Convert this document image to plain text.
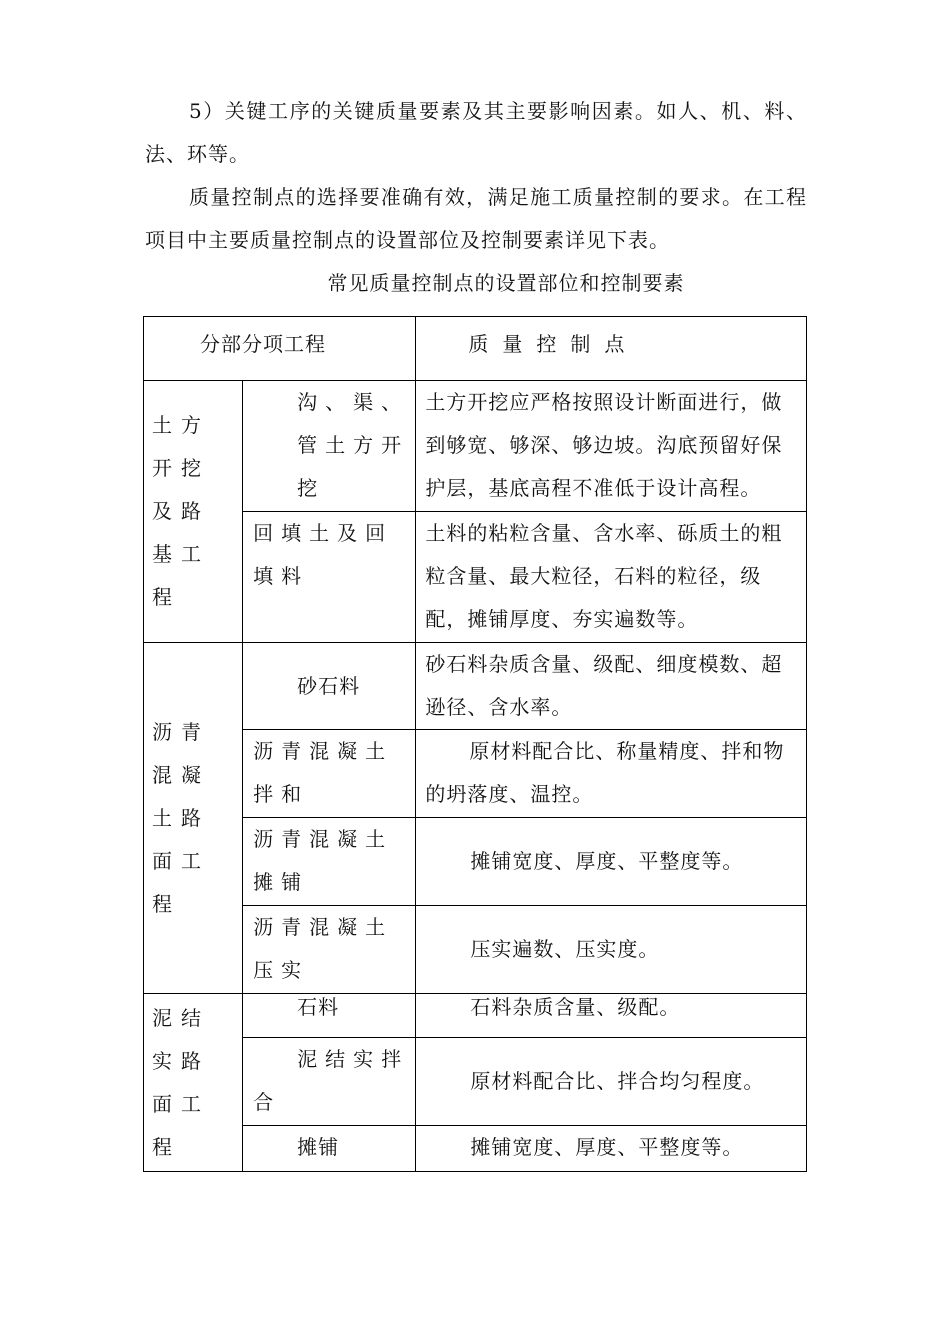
5）关键工序的关键质量要素及其主要影响因素。如人、机、料、法、环等。

质量控制点的选择要准确有效，满足施工质量控制的要求。在工程项目中主要质量控制点的设置部位及控制要素详见下表。

常见质量控制点的设置部位和控制要素
分部分项工程		质量控制点
土方开挖及路基工程	沟、渠、管土方开挖	土方开挖应严格按照设计断面进行，做到够宽、够深、够边坡。沟底预留好保护层，基底高程不准低于设计高程。
	回填土及回填料	土料的粘粒含量、含水率、砾质土的粗粒含量、最大粒径，石料的粒径，级配，摊铺厚度、夯实遍数等。
沥青混凝土路面工程	砂石料	砂石料杂质含量、级配、细度模数、超逊径、含水率。
	沥青混凝土拌和	原材料配合比、称量精度、拌和物的坍落度、温控。
	沥青混凝土摊铺	摊铺宽度、厚度、平整度等。
	沥青混凝土压实	压实遍数、压实度。
泥结实路面工程	石料	石料杂质含量、级配。
	泥结实拌合	原材料配合比、拌合均匀程度。
	摊铺	摊铺宽度、厚度、平整度等。
